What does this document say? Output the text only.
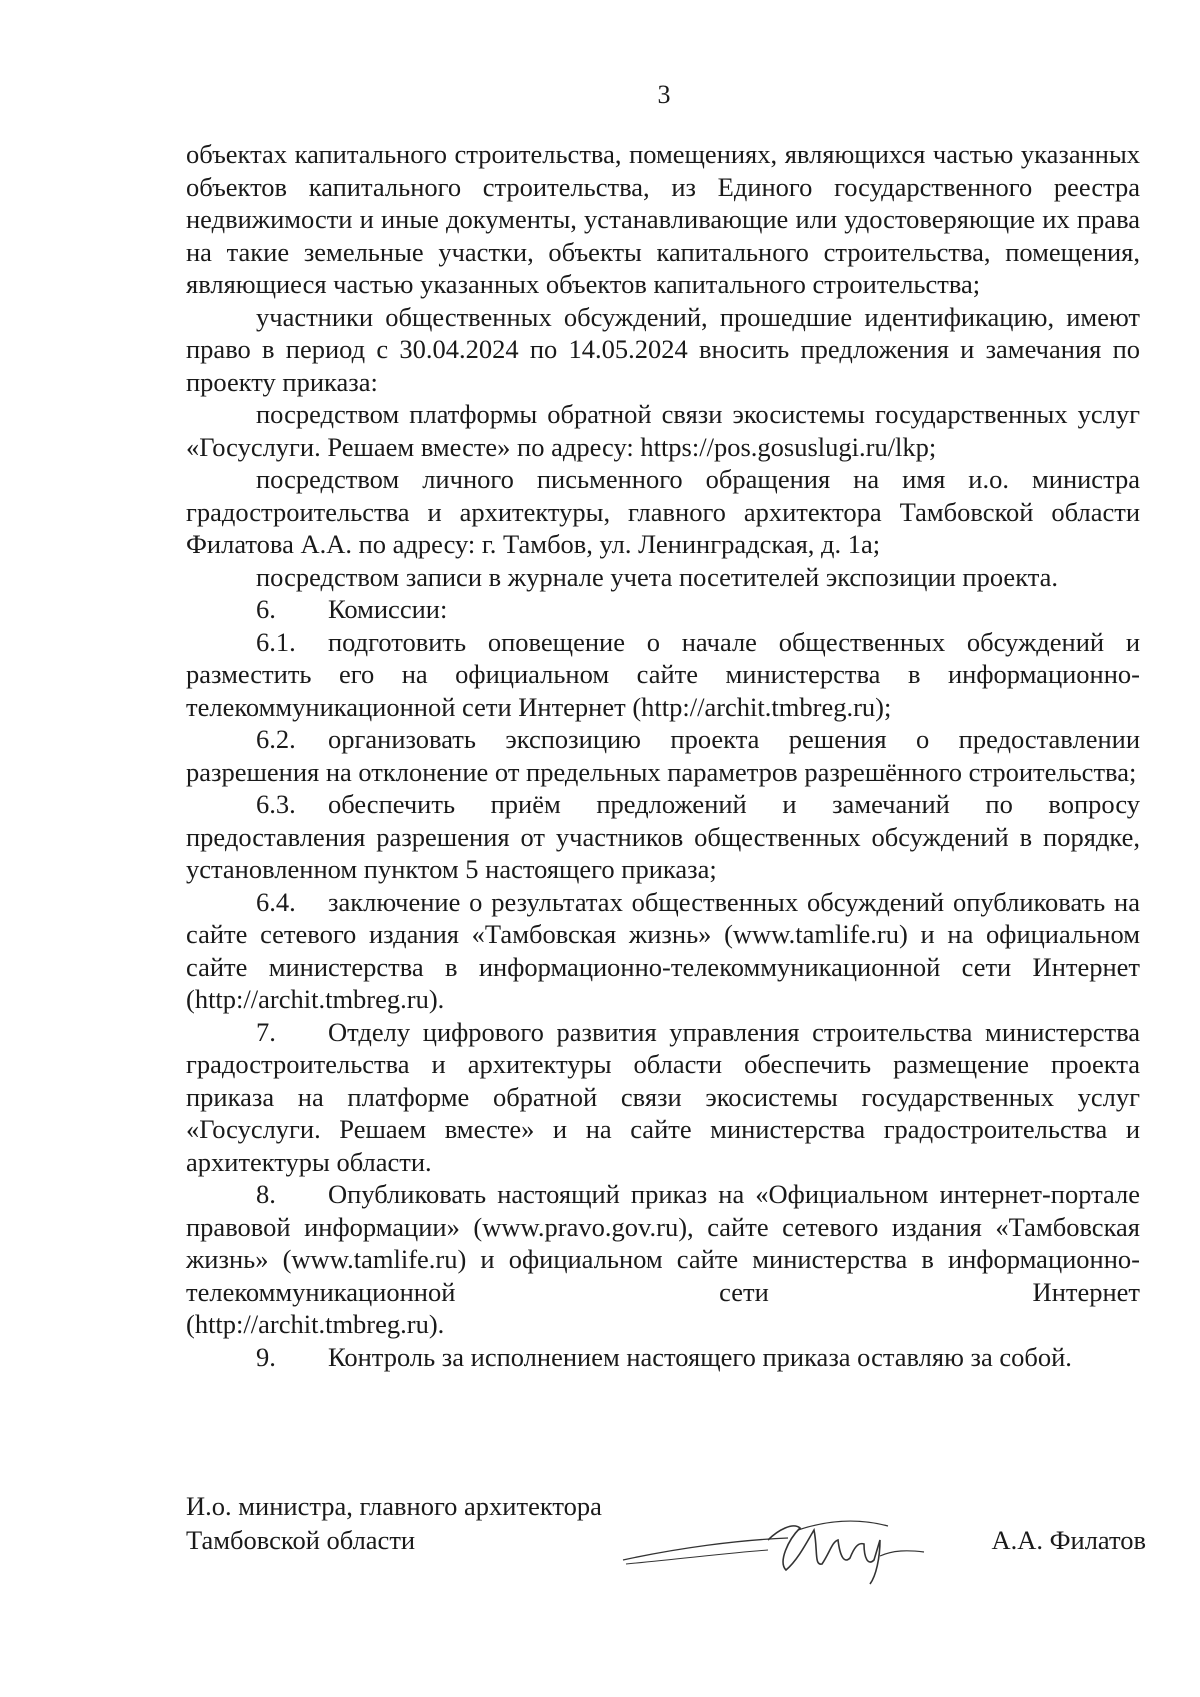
3

объектах капитального строительства, помещениях, являющихся частью указанных объектов капитального строительства, из Единого государственного реестра недвижимости и иные документы, устанавливающие или удостоверяющие их права на такие земельные участки, объекты капитального строительства, помещения, являющиеся частью указанных объектов капитального строительства;

участники общественных обсуждений, прошедшие идентификацию, имеют право в период с 30.04.2024 по 14.05.2024 вносить предложения и замечания по проекту приказа:

посредством платформы обратной связи экосистемы государственных услуг «Госуслуги. Решаем вместе» по адресу: https://pos.gosuslugi.ru/lkp;

посредством личного письменного обращения на имя и.о. министра градостроительства и архитектуры, главного архитектора Тамбовской области Филатова А.А. по адресу: г. Тамбов, ул. Ленинградская, д. 1а;

посредством записи в журнале учета посетителей экспозиции проекта.

6. Комиссии:

6.1. подготовить оповещение о начале общественных обсуждений и разместить его на официальном сайте министерства в информационно-телекоммуникационной сети Интернет (http://archit.tmbreg.ru);

6.2. организовать экспозицию проекта решения о предоставлении разрешения на отклонение от предельных параметров разрешённого строительства;

6.3. обеспечить приём предложений и замечаний по вопросу предоставления разрешения от участников общественных обсуждений в порядке, установленном пунктом 5 настоящего приказа;

6.4. заключение о результатах общественных обсуждений опубликовать на сайте сетевого издания «Тамбовская жизнь» (www.tamlife.ru) и на официальном сайте министерства в информационно-телекоммуникационной сети Интернет (http://archit.tmbreg.ru).

7. Отделу цифрового развития управления строительства министерства градостроительства и архитектуры области обеспечить размещение проекта приказа на платформе обратной связи экосистемы государственных услуг «Госуслуги. Решаем вместе» и на сайте министерства градостроительства и архитектуры области.

8. Опубликовать настоящий приказ на «Официальном интернет-портале правовой информации» (www.pravo.gov.ru), сайте сетевого издания «Тамбовская жизнь» (www.tamlife.ru) и официальном сайте министерства в информационно-телекоммуникационной сети Интернет

(http://archit.tmbreg.ru).

9. Контроль за исполнением настоящего приказа оставляю за собой.

И.о. министра, главного архитектора
Тамбовской области	А.А. Филатов
